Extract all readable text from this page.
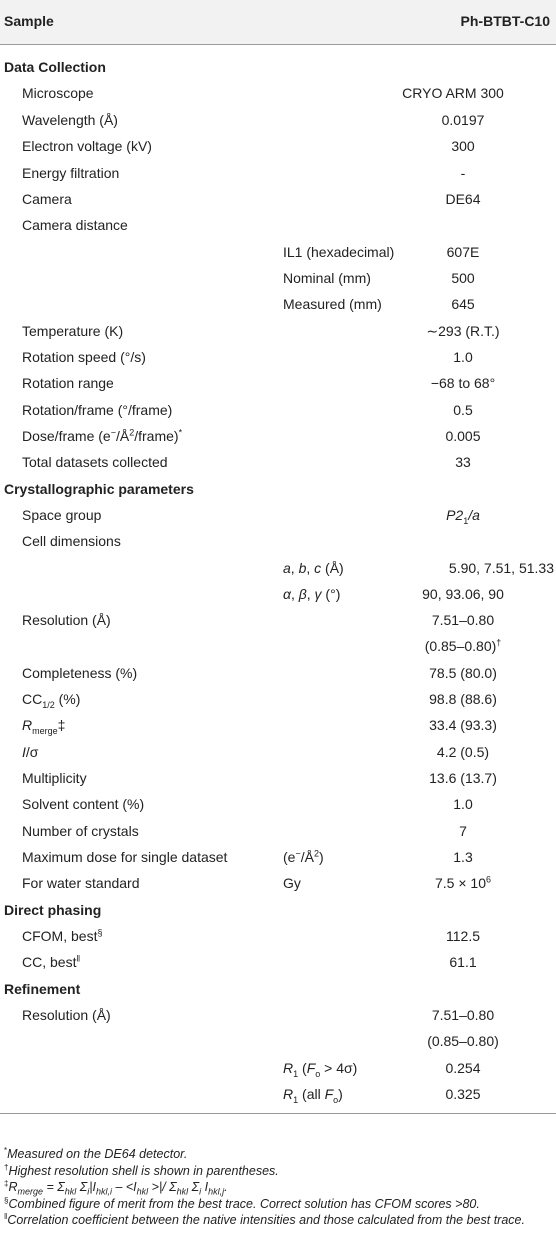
Sample	Ph-BTBT-C10
Data Collection
Microscope	CRYO ARM 300
Wavelength (Å)	0.0197
Electron voltage (kV)	300
Energy filtration	-
Camera	DE64
Camera distance
IL1 (hexadecimal)	607E
Nominal (mm)	500
Measured (mm)	645
Temperature (K)	∼293 (R.T.)
Rotation speed (°/s)	1.0
Rotation range	−68 to 68°
Rotation/frame (°/frame)	0.5
Dose/frame $(e^-/Å^2/frame)^*$	0.005
Total datasets collected	33
Crystallographic parameters
Space group	$P2_1/a$
Cell dimensions
a, b, c (Å)	5.90, 7.51, 51.33
α, β, γ (°)	90, 93.06, 90
Resolution (Å)	7.51–0.80
(0.85–0.80)†
Completeness (%)	78.5 (80.0)
$CC_{1/2}$ (%)	98.8 (88.6)
$R_{merge}\ddagger$	33.4 (93.3)
I/σ	4.2 (0.5)
Multiplicity	13.6 (13.7)
Solvent content (%)	1.0
Number of crystals	7
Maximum dose for single dataset	$(e^-/Å^2)$	1.3
For water standard	Gy	$7.5 \times 10^6$
Direct phasing
CFOM, best§	112.5
CC, best‖	61.1
Refinement
Resolution (Å)	7.51–0.80
(0.85–0.80)
$R_1$ $(F_o > 4\sigma)$	0.254
$R_1$ (all $F_o$)	0.325

*Measured on the DE64 detector.

†Highest resolution shell is shown in parentheses.

$^\ddagger R_{merge} = \Sigma_{hkl}$ $\Sigma_i|I_{hkl,i} - <I_{hkl}$ >|/ $\Sigma_{hkl}$ $\Sigma_i$ $I_{hkl,j}$.

§Combined figure of merit from the best trace. Correct solution has CFOM scores >80.

‖Correlation coefficient between the native intensities and those calculated from the best trace.
